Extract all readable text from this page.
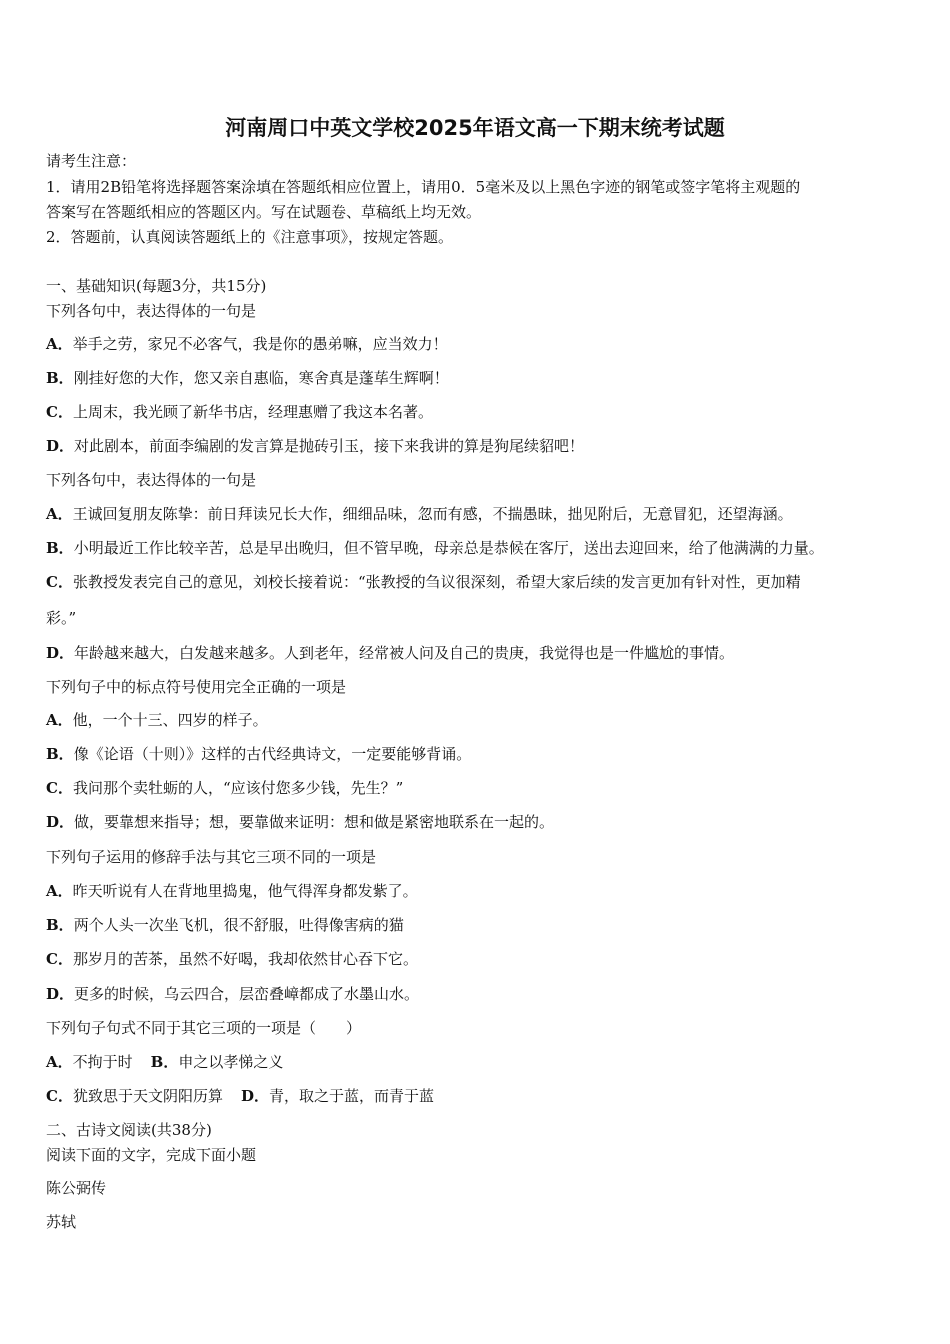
河南周口中英文学校2025年语文高一下期末统考试题
请考生注意：
1．请用2B铅笔将选择题答案涂填在答题纸相应位置上，请用0．5毫米及以上黑色字迹的钢笔或签字笔将主观题的
答案写在答题纸相应的答题区内。写在试题卷、草稿纸上均无效。
2．答题前，认真阅读答题纸上的《注意事项》，按规定答题。
一、基础知识(每题3分，共15分)
下列各句中，表达得体的一句是
A．举手之劳，家兄不必客气，我是你的愚弟嘛，应当效力！
B．刚挂好您的大作，您又亲自惠临，寒舍真是蓬荜生辉啊！
C．上周末，我光顾了新华书店，经理惠赠了我这本名著。
D．对此剧本，前面李编剧的发言算是抛砖引玉，接下来我讲的算是狗尾续貂吧！
下列各句中，表达得体的一句是
A．王诚回复朋友陈挚：前日拜读兄长大作，细细品味，忽而有感，不揣愚昧，拙见附后，无意冒犯，还望海涵。
B．小明最近工作比较辛苦，总是早出晚归，但不管早晚，母亲总是恭候在客厅，送出去迎回来，给了他满满的力量。
C．张教授发表完自己的意见，刘校长接着说：“张教授的刍议很深刻，希望大家后续的发言更加有针对性，更加精
彩。”
D．年龄越来越大，白发越来越多。人到老年，经常被人问及自己的贵庚，我觉得也是一件尴尬的事情。
下列句子中的标点符号使用完全正确的一项是
A．他，一个十三、四岁的样子。
B．像《论语（十则）》这样的古代经典诗文，一定要能够背诵。
C．我问那个卖牡蛎的人，“应该付您多少钱，先生？”
D．做，要靠想来指导；想，要靠做来证明：想和做是紧密地联系在一起的。
下列句子运用的修辞手法与其它三项不同的一项是
A．昨天听说有人在背地里捣鬼，他气得浑身都发紫了。
B．两个人头一次坐飞机，很不舒服，吐得像害病的猫
C．那岁月的苦茶，虽然不好喝，我却依然甘心吞下它。
D．更多的时候，乌云四合，层峦叠嶂都成了水墨山水。
下列句子句式不同于其它三项的一项是（　　）
A．不拘于时 B．申之以孝悌之义
C．犹致思于天文阴阳历算 D．青，取之于蓝，而青于蓝
二、古诗文阅读(共38分)
阅读下面的文字，完成下面小题
陈公弼传
苏轼
